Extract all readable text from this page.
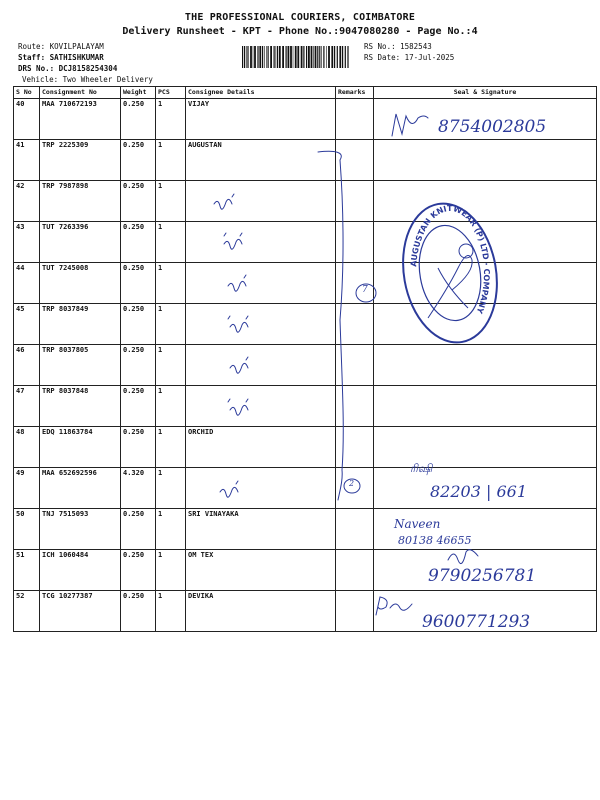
THE PROFESSIONAL COURIERS, COIMBATORE
Delivery Runsheet - KPT - Phone No.:9047080280 - Page No.:4
Route: KOVILPALAYAM
Staff: SATHISHKUMAR
DRS No.: DCJ8158254304
Vehicle: Two Wheeler Delivery
RS No.: 1582543
RS Date: 17-Jul-2025
S No	Consignment No	Weight	PCS	Consignee Details	Remarks	Seal & Signature
40	MAA 710672193	0.250	1	VIJAY		
41	TRP 2225309	0.250	1	AUGUSTAN		
42	TRP 7987898	0.250	1			
43	TUT 7263396	0.250	1			
44	TUT 7245008	0.250	1			
45	TRP 8037849	0.250	1			
46	TRP 8037805	0.250	1			
47	TRP 8037848	0.250	1			
48	EDQ 11863784	0.250	1	ORCHID		
49	MAA 652692596	4.320	1			
50	TNJ 7515093	0.250	1	SRI VINAYAKA		
51	ICH 1060484	0.250	1	OM TEX		
52	TCG 10277387	0.250	1	DEVIKA		
8754002805
7
2
ரிஷி
82203 | 661
Naveen
80138 46655
9790256781
9600771293
AUGUSTAN KNITWEAR (P) LTD · COMPANY
